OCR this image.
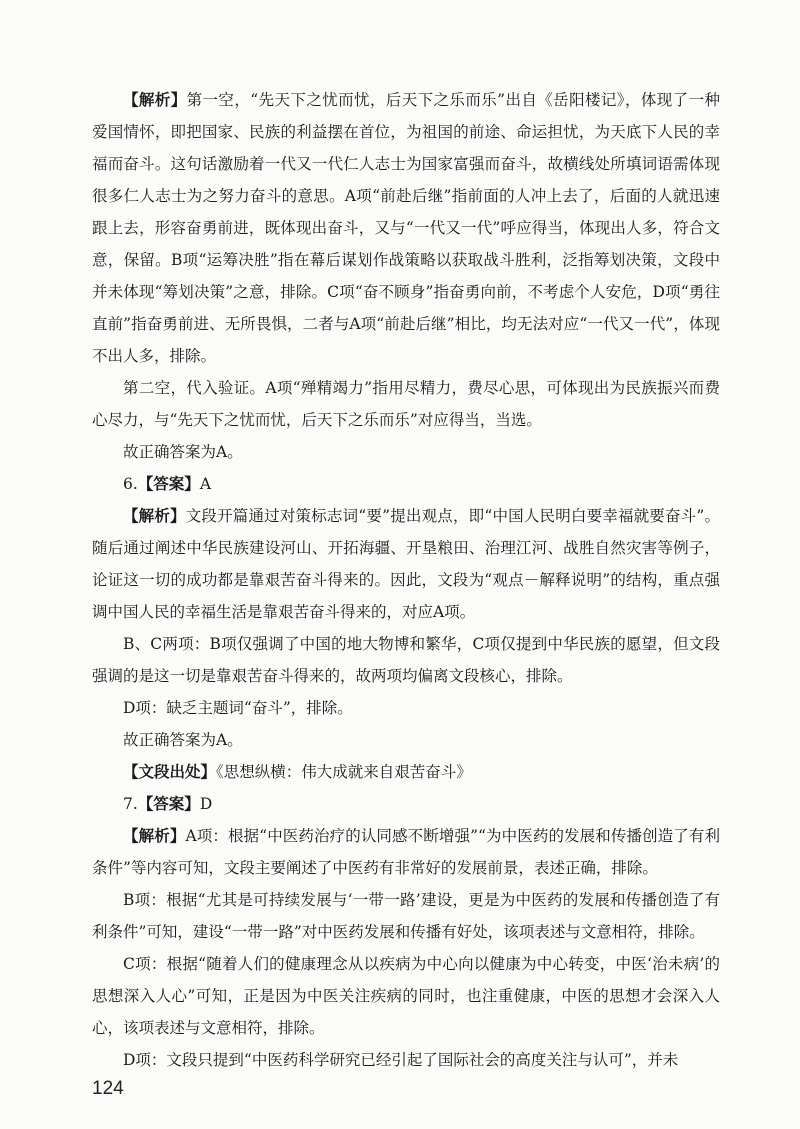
【解析】第一空，“先天下之忧而忧，后天下之乐而乐”出自《岳阳楼记》，体现了一种爱国情怀，即把国家、民族的利益摆在首位，为祖国的前途、命运担忧，为天底下人民的幸福而奋斗。这句话激励着一代又一代仁人志士为国家富强而奋斗，故横线处所填词语需体现很多仁人志士为之努力奋斗的意思。A项“前赴后继”指前面的人冲上去了，后面的人就迅速跟上去，形容奋勇前进，既体现出奋斗，又与“一代又一代”呼应得当，体现出人多，符合文意，保留。B项“运筹决胜”指在幕后谋划作战策略以获取战斗胜利，泛指筹划决策，文段中并未体现“筹划决策”之意，排除。C项“奋不顾身”指奋勇向前，不考虑个人安危，D项“勇往直前”指奋勇前进、无所畏惧，二者与A项“前赴后继”相比，均无法对应“一代又一代”，体现不出人多，排除。

第二空，代入验证。A项“殚精竭力”指用尽精力，费尽心思，可体现出为民族振兴而费心尽力，与“先天下之忧而忧，后天下之乐而乐”对应得当，当选。

故正确答案为A。

6.【答案】A

【解析】文段开篇通过对策标志词“要”提出观点，即“中国人民明白要幸福就要奋斗”。随后通过阐述中华民族建设河山、开拓海疆、开垦粮田、治理江河、战胜自然灾害等例子，论证这一切的成功都是靠艰苦奋斗得来的。因此，文段为“观点－解释说明”的结构，重点强调中国人民的幸福生活是靠艰苦奋斗得来的，对应A项。

B、C两项：B项仅强调了中国的地大物博和繁华，C项仅提到中华民族的愿望，但文段强调的是这一切是靠艰苦奋斗得来的，故两项均偏离文段核心，排除。

D项：缺乏主题词“奋斗”，排除。

故正确答案为A。

【文段出处】《思想纵横：伟大成就来自艰苦奋斗》

7.【答案】D

【解析】A项：根据“中医药治疗的认同感不断增强”“为中医药的发展和传播创造了有利条件”等内容可知，文段主要阐述了中医药有非常好的发展前景，表述正确，排除。

B项：根据“尤其是可持续发展与‘一带一路’建设，更是为中医药的发展和传播创造了有利条件”可知，建设“一带一路”对中医药发展和传播有好处，该项表述与文意相符，排除。

C项：根据“随着人们的健康理念从以疾病为中心向以健康为中心转变，中医‘治未病’的思想深入人心”可知，正是因为中医关注疾病的同时，也注重健康，中医的思想才会深入人心，该项表述与文意相符，排除。

D项：文段只提到“中医药科学研究已经引起了国际社会的高度关注与认可”，并未

124
